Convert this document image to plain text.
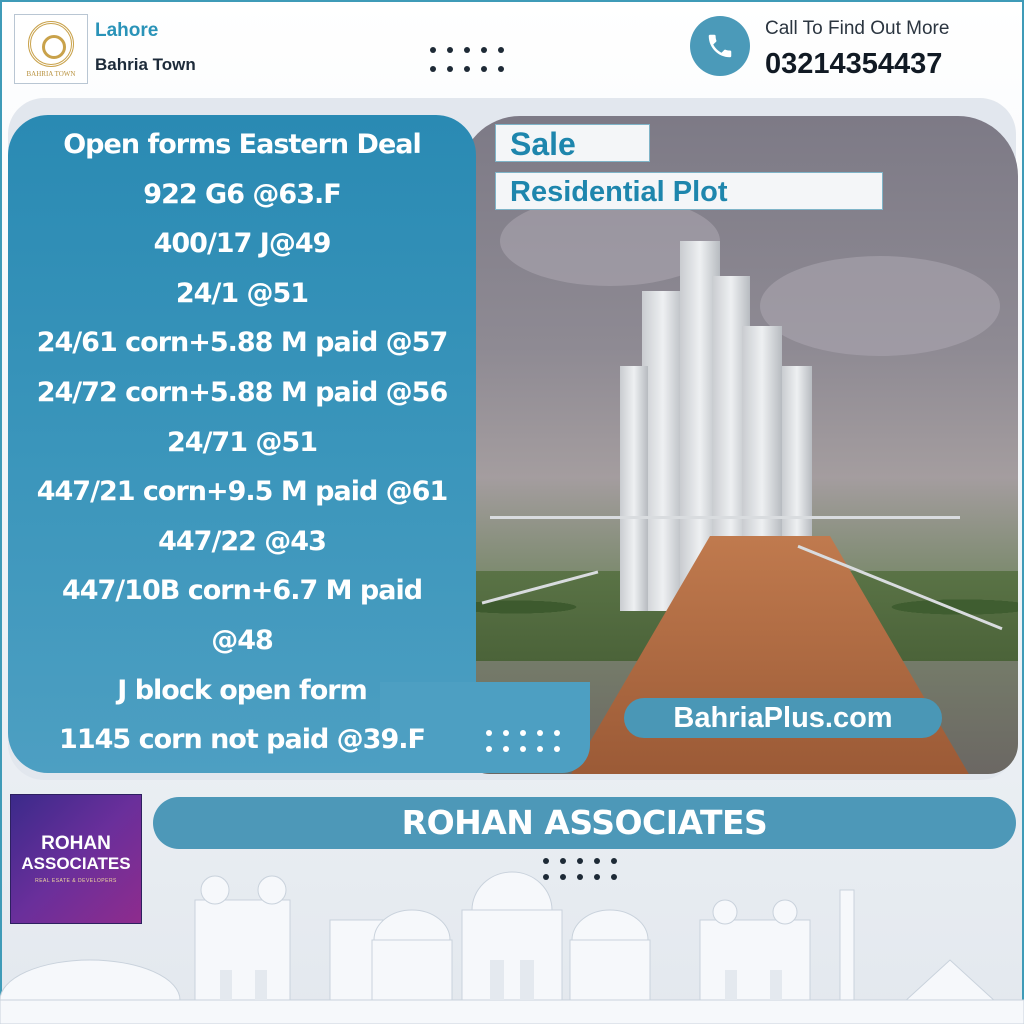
BAHRIA TOWN
Lahore
Bahria Town
Call To Find Out More
03214354437
Sale
Residential Plot
Open forms Eastern Deal
922 G6 @63.F
400/17 J@49
24/1 @51
24/61 corn+5.88 M paid @57
24/72 corn+5.88 M paid @56
24/71 @51
447/21 corn+9.5 M paid @61
447/22 @43
447/10B corn+6.7 M paid
@48
J block open form
1145 corn not paid @39.F
BahriaPlus.com
ROHAN
ASSOCIATES
REAL ESATE & DEVELOPERS
ROHAN ASSOCIATES
